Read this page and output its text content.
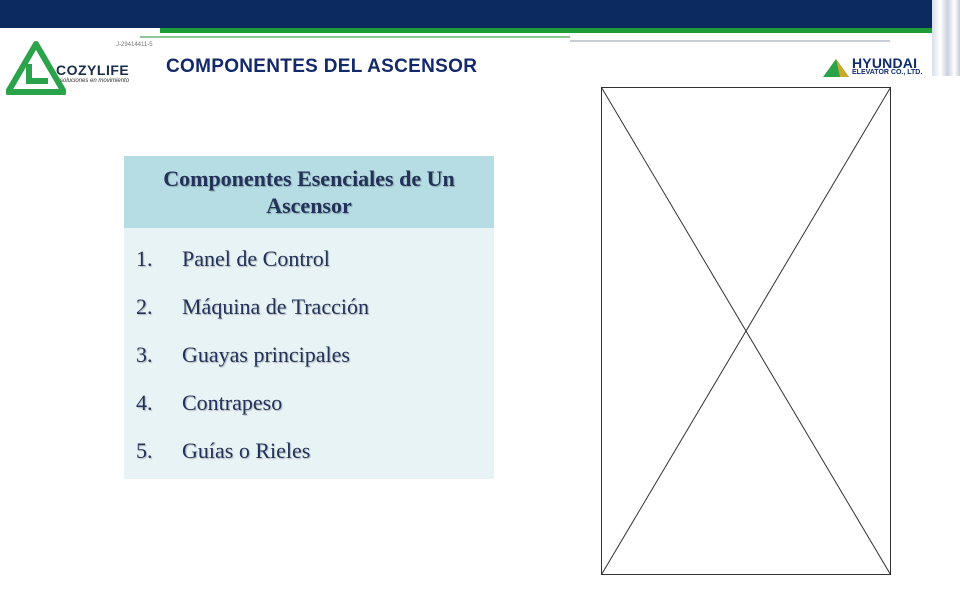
J-29414411-5
COZYLIFE
soluciones en movimiento
COMPONENTES DEL ASCENSOR	HYUNDAI
ELEVATOR CO., LTD.
Componentes Esenciales de Un Ascensor
1. Panel de Control
2. Máquina de Tracción
3. Guayas principales
4. Contrapeso
5. Guías o Rieles
